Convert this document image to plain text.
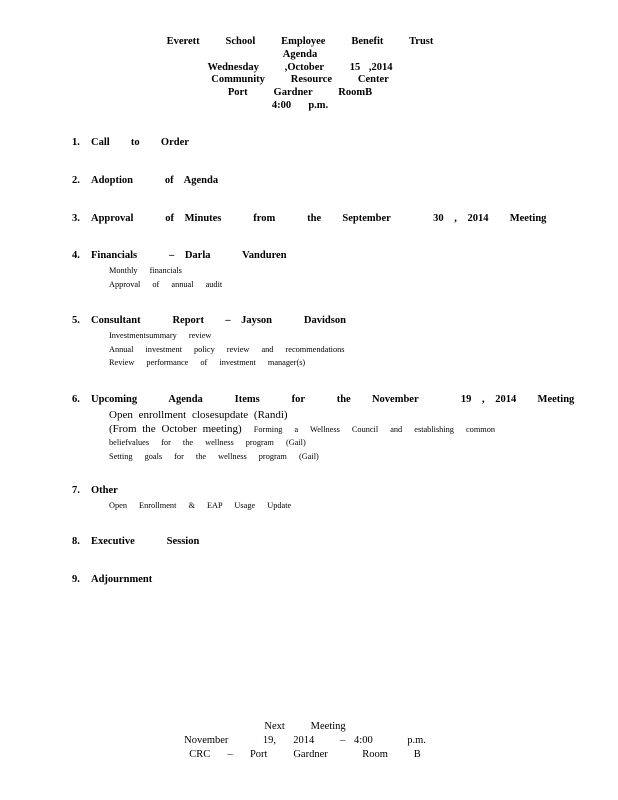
Everett   School   Employee   Benefit   Trust
Agenda
Wednesday   ,October   15 ,2014
Community   Resource   Center
Port   Gardner   RoomB
4:00  p.m.
1. Call  to  Order
2. Adoption   of Agenda
3. Approval   of Minutes   from   the  September    30 , 2014  Meeting
4. Financials   – Darla   Vanduren
Monthly financials
Approval of annual audit
5. Consultant   Report  – Jayson   Davidson
Investmentsummary review
Annual investment policy review and recommendations
Review performance of investment manager(s)
6. Upcoming   Agenda   Items   for   the  November    19 , 2014  Meeting
Open enrollment closesupdate (Randi)
(From the October meeting) Forming a Wellness Council and establishing common
beliefvalues for the wellness program (Gail)
Setting goals for the wellness program (Gail)
7. Other
Open Enrollment & EAP Usage Update
8. Executive   Session
9. Adjournment
Next   Meeting
November    19,  2014   – 4:00    p.m.
CRC  –  Port   Gardner    Room   B
